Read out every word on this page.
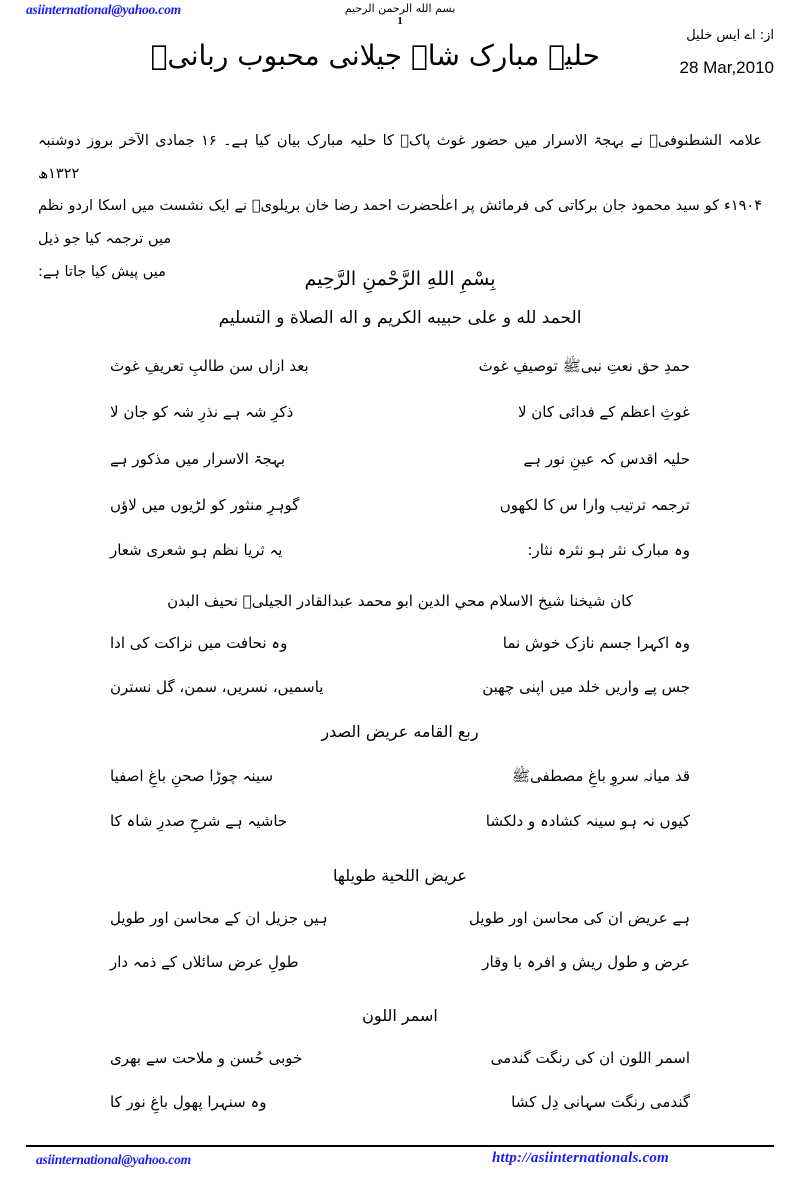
asiinternational@yahoo.com	بسم الله الرحمن الرحيم
1
حلیہ مبارک شاہ جیلانی محبوب ربانیؒ
از: اے ایس خلیل
28 Mar,2010

علامہ الشطنوفیؒ نے بہجۃ الاسرار میں حضور غوث پاکؒ کا حلیہ مبارک بیان کیا ہے۔ ۱۶ جمادی الآخر بروز دوشنبہ ۱۳۲۲ھ

۱۹۰۴ء کو سید محمود جان برکاتی کی فرمائش پر اعلٰحضرت احمد رضا خان بریلویؒ نے ایک نشست میں اسکا اردو نظم میں ترجمہ کیا جو ذیل

میں پیش کیا جاتا ہے:	بِسْمِ اللهِ الرَّحْمنِ الرَّحِيم
الحمد لله و على حبيبه الكريم و اله الصلاة و التسليم
حمدِ حق نعتِ نبیﷺ توصیفِ غوث
بعد ازاں سن طالبِ تعریفِ غوث
غوثِ اعظم کے فدائی کان لا
ذکرِ شہ ہے نذرِ شہ کو جان لا
حلیہ اقدس کہ عینِ نور ہے
بہجۃ الاسرار میں مذکور ہے
ترجمہ ترتیب وارا س کا لکھوں
گوہرِ منثور کو لڑیوں میں لاؤں
وہ مبارک نثر ہو نثرہ نثار:
یہ ثریا نظم ہو شعری شعار
كان شيخنا شيخ الاسلام محي الدين ابو محمد عبدالقادر الجيلىؒ نحيف البدن
وہ اکہرا جسم نازک خوش نما
وہ نحافت میں نزاکت کی ادا
جس پے واریں خلد میں اپنی چھبن
یاسمیں، نسریں، سمن، گل نسترن
ربع القامه عريض الصدر
قد میانہ سروِ باغِ مصطفیﷺ
سینہ چوڑا صحنِ باغِ اصفیا
کیوں نہ ہو سینہ کشادہ و دلکشا
حاشیہ ہے شرحِ صدرِ شاہ کا
عريض اللحية طويلها
ہے عریض ان کی محاسن اور طویل
ہیں جزیل ان کے محاسن اور طویل
عرض و طول ریش و افرہ با وقار
طولِ عرض سائلاں کے ذمہ دار
اسمر اللون
اسمر اللون ان کی رنگت گندمی
خوبی حُسن و ملاحت سے بھری
گندمی رنگت سہانی دِل کشا
وہ سنہرا پھول باغِ نور کا
asiinternational@yahoo.com	http://asiinternationals.com
